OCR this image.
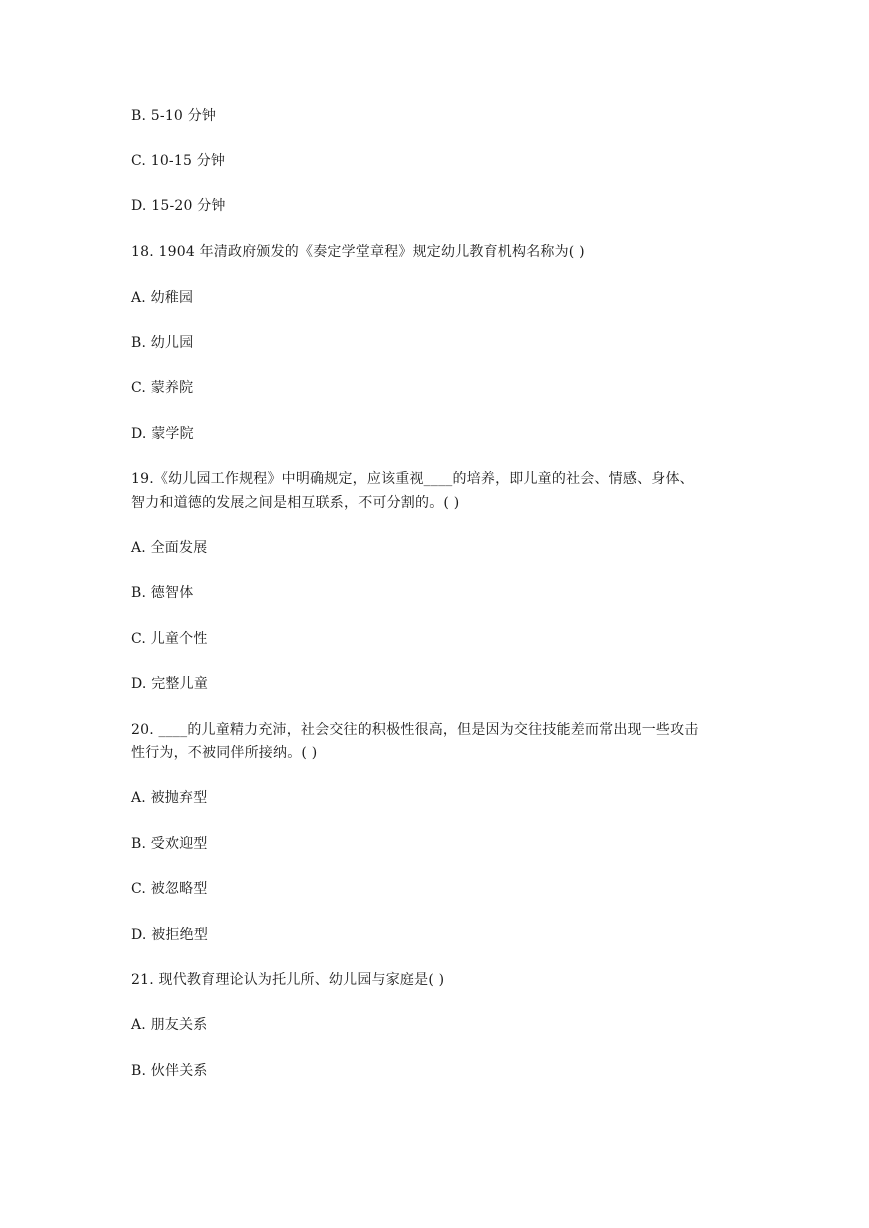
B. 5-10 分钟
C. 10-15 分钟
D. 15-20 分钟
18. 1904 年清政府颁发的《奏定学堂章程》规定幼儿教育机构名称为( )
A. 幼稚园
B. 幼儿园
C. 蒙养院
D. 蒙学院
19.《幼儿园工作规程》中明确规定，应该重视____的培养，即儿童的社会、情感、身体、
智力和道德的发展之间是相互联系，不可分割的。( )
A. 全面发展
B. 德智体
C. 儿童个性
D. 完整儿童
20. ____的儿童精力充沛，社会交往的积极性很高，但是因为交往技能差而常出现一些攻击
性行为，不被同伴所接纳。( )
A. 被抛弃型
B. 受欢迎型
C. 被忽略型
D. 被拒绝型
21. 现代教育理论认为托儿所、幼儿园与家庭是( )
A. 朋友关系
B. 伙伴关系
